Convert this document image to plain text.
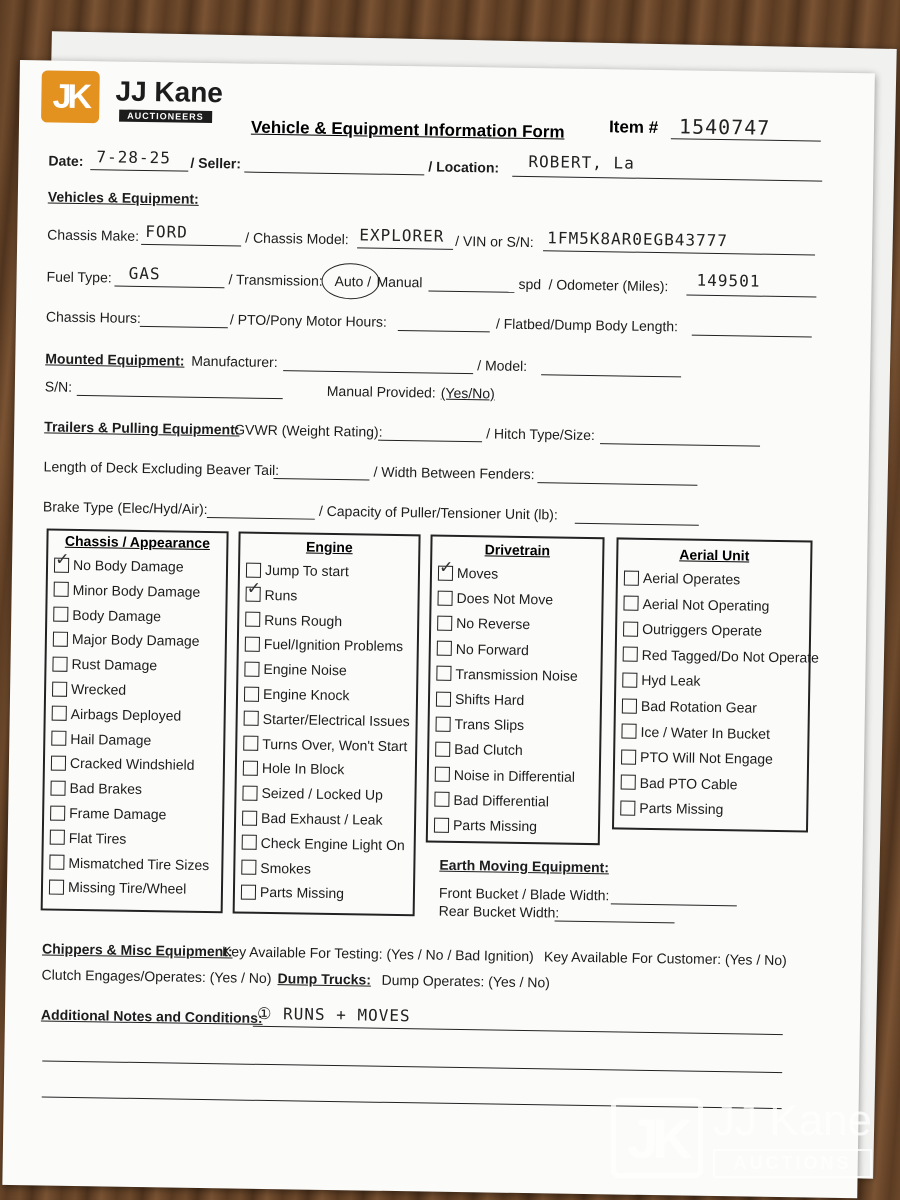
JK JJ Kane
AUCTIONEERS
Vehicle & Equipment Information Form	Item # 1540747
Date: 7-28-25 / Seller:	/ Location: ROBERT, La
Vehicles & Equipment:
Chassis Make: FORD	/ Chassis Model: EXPLORER / VIN or S/N: 1FM5K8AR0EGB43777
Fuel Type: GAS	/ Transmission: Auto / Manual	spd / Odometer (Miles): 149501
Chassis Hours:	/ PTO/Pony Motor Hours:	/ Flatbed/Dump Body Length:
Mounted Equipment: Manufacturer:	/ Model:
S/N:	Manual Provided: (Yes/No)
Trailers & Pulling Equipment:
GVWR (Weight Rating):	/ Hitch Type/Size:
Length of Deck Excluding Beaver Tail:	/ Width Between Fenders:
Brake Type (Elec/Hyd/Air):	/ Capacity of Puller/Tensioner Unit (lb):
Chassis / Appearance
✓ No Body Damage
Minor Body Damage
Body Damage
Major Body Damage
Rust Damage
Wrecked
Airbags Deployed
Hail Damage
Cracked Windshield
Bad Brakes
Frame Damage
Flat Tires
Mismatched Tire Sizes
Missing Tire/Wheel
Engine
Jump To start
✓ Runs
Runs Rough
Fuel/Ignition Problems
Engine Noise
Engine Knock
Starter/Electrical Issues
Turns Over, Won't Start
Hole In Block
Seized / Locked Up
Bad Exhaust / Leak
Check Engine Light On
Smokes
Parts Missing
Drivetrain
✓ Moves
Does Not Move
No Reverse
No Forward
Transmission Noise
Shifts Hard
Trans Slips
Bad Clutch
Noise in Differential
Bad Differential
Parts Missing
Aerial Unit
Aerial Operates
Aerial Not Operating
Outriggers Operate
Red Tagged/Do Not Operate
Hyd Leak
Bad Rotation Gear
Ice / Water In Bucket
PTO Will Not Engage
Bad PTO Cable
Parts Missing
Earth Moving Equipment:
Front Bucket / Blade Width:
Rear Bucket Width:
Chippers & Misc Equipment:
Key Available For Testing: (Yes / No / Bad Ignition) Key Available For Customer: (Yes / No)
Clutch Engages/Operates: (Yes / No) Dump Trucks: Dump Operates: (Yes / No)
Additional Notes and Conditions:
① RUNS + MOVES
JK JJ Kane
AUCTIONS
